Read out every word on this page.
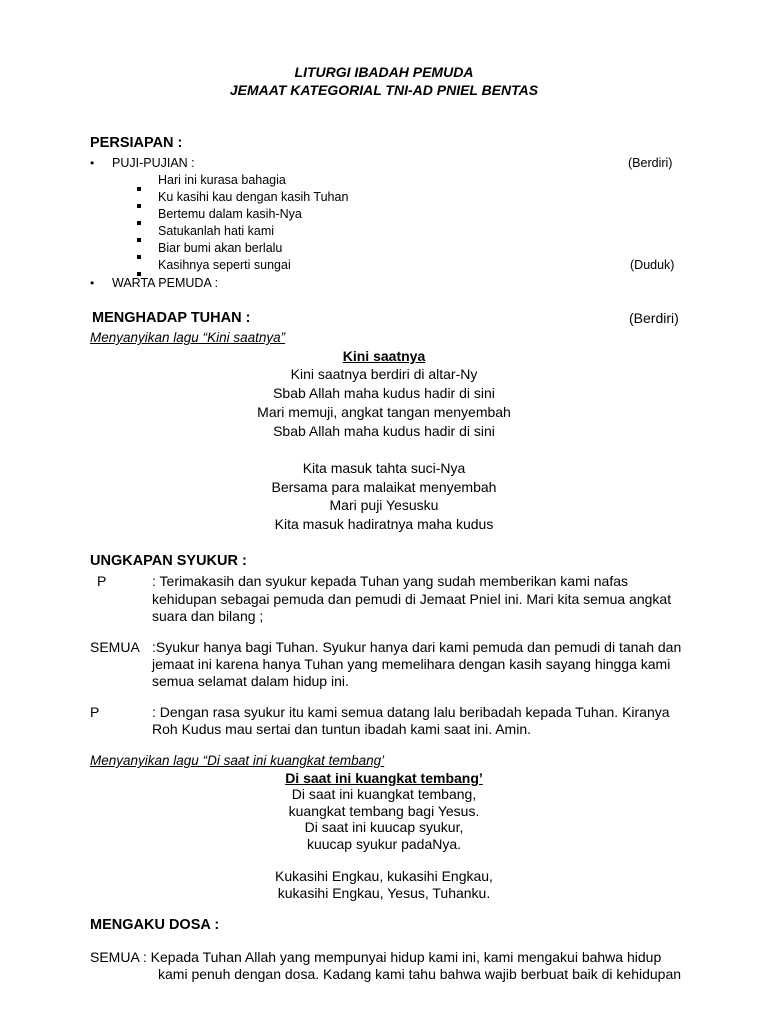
LITURGI IBADAH PEMUDA
JEMAAT KATEGORIAL TNI-AD PNIEL BENTAS
PERSIAPAN :
• PUJI-PUJIAN :	(Berdiri)
Hari ini kurasa bahagia
Ku kasihi kau dengan kasih Tuhan
Bertemu dalam kasih-Nya
Satukanlah hati kami
Biar bumi akan berlalu
Kasihnya seperti sungai	(Duduk)
• WARTA PEMUDA :
MENGHADAP TUHAN :	(Berdiri)
Menyanyikan lagu “Kini saatnya”
Kini saatnya
Kini saatnya berdiri di altar-Ny
Sbab Allah maha kudus hadir di sini
Mari memuji, angkat tangan menyembah
Sbab Allah maha kudus hadir di sini
Kita masuk tahta suci-Nya
Bersama para malaikat menyembah
Mari puji Yesusku
Kita masuk hadiratnya maha kudus
UNGKAPAN SYUKUR :
P	: Terimakasih dan syukur kepada Tuhan yang sudah memberikan kami nafas
kehidupan sebagai pemuda dan pemudi di Jemaat Pniel ini. Mari kita semua angkat
suara dan bilang ;
SEMUA :Syukur hanya bagi Tuhan. Syukur hanya dari kami pemuda dan pemudi di tanah dan
jemaat ini karena hanya Tuhan yang memelihara dengan kasih sayang hingga kami
semua selamat dalam hidup ini.
P	: Dengan rasa syukur itu kami semua datang lalu beribadah kepada Tuhan. Kiranya
Roh Kudus mau sertai dan tuntun ibadah kami saat ini. Amin.
Menyanyikan lagu “Di saat ini kuangkat tembang’
Di saat ini kuangkat tembang’
Di saat ini kuangkat tembang,
kuangkat tembang bagi Yesus.
Di saat ini kuucap syukur,
kuucap syukur padaNya.
Kukasihi Engkau, kukasihi Engkau,
kukasihi Engkau, Yesus, Tuhanku.
MENGAKU DOSA :
SEMUA : Kepada Tuhan Allah yang mempunyai hidup kami ini, kami mengakui bahwa hidup
kami penuh dengan dosa. Kadang kami tahu bahwa wajib berbuat baik di kehidupan
